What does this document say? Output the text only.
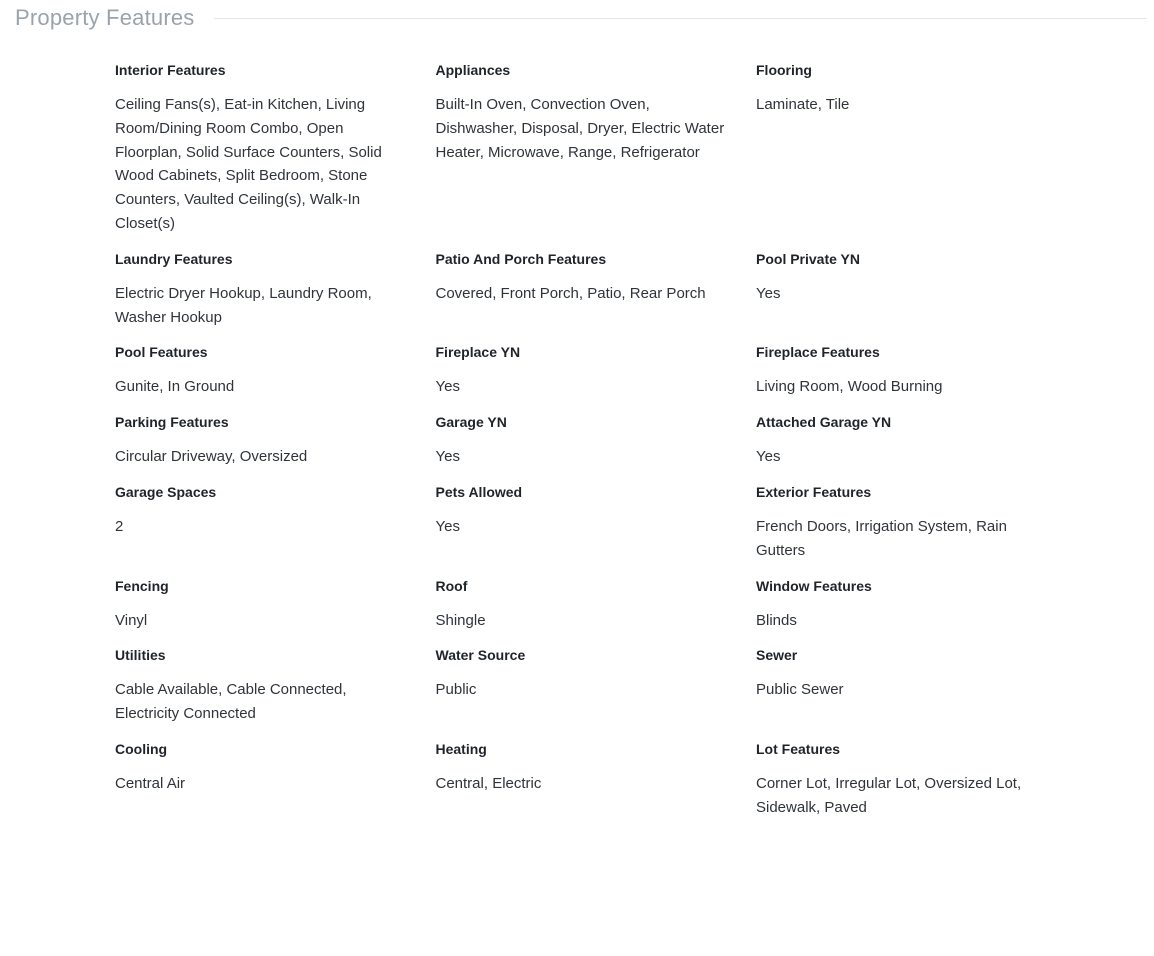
Property Features
Interior Features
Ceiling Fans(s), Eat-in Kitchen, Living Room/Dining Room Combo, Open Floorplan, Solid Surface Counters, Solid Wood Cabinets, Split Bedroom, Stone Counters, Vaulted Ceiling(s), Walk-In Closet(s)
Appliances
Built-In Oven, Convection Oven, Dishwasher, Disposal, Dryer, Electric Water Heater, Microwave, Range, Refrigerator
Flooring
Laminate, Tile
Laundry Features
Electric Dryer Hookup, Laundry Room, Washer Hookup
Patio And Porch Features
Covered, Front Porch, Patio, Rear Porch
Pool Private YN
Yes
Pool Features
Gunite, In Ground
Fireplace YN
Yes
Fireplace Features
Living Room, Wood Burning
Parking Features
Circular Driveway, Oversized
Garage YN
Yes
Attached Garage YN
Yes
Garage Spaces
2
Pets Allowed
Yes
Exterior Features
French Doors, Irrigation System, Rain Gutters
Fencing
Vinyl
Roof
Shingle
Window Features
Blinds
Utilities
Cable Available, Cable Connected, Electricity Connected
Water Source
Public
Sewer
Public Sewer
Cooling
Central Air
Heating
Central, Electric
Lot Features
Corner Lot, Irregular Lot, Oversized Lot, Sidewalk, Paved
